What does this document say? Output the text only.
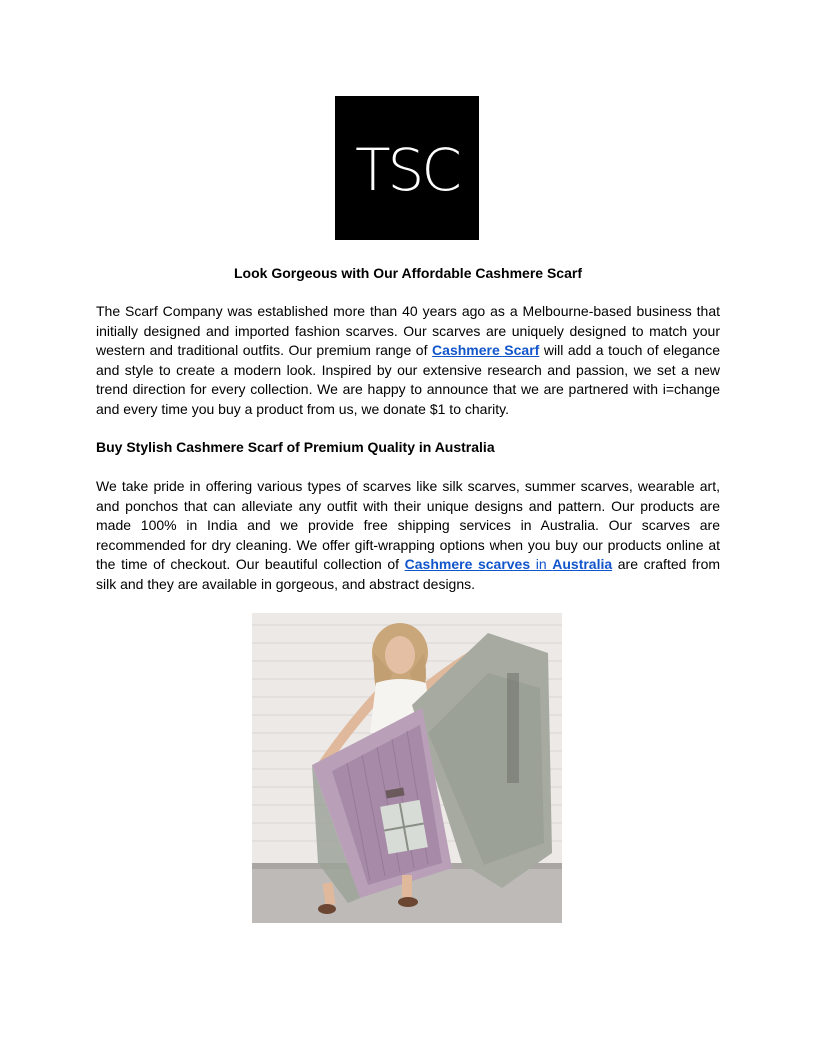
TSC
Look Gorgeous with Our Affordable Cashmere Scarf

The Scarf Company was established more than 40 years ago as a Melbourne-based business that initially designed and imported fashion scarves. Our scarves are uniquely designed to match your western and traditional outfits. Our premium range of Cashmere Scarf will add a touch of elegance and style to create a modern look. Inspired by our extensive research and passion, we set a new trend direction for every collection. We are happy to announce that we are partnered with i=change and every time you buy a product from us, we donate $1 to charity.

Buy Stylish Cashmere Scarf of Premium Quality in Australia

We take pride in offering various types of scarves like silk scarves, summer scarves, wearable art, and ponchos that can alleviate any outfit with their unique designs and pattern. Our products are made 100% in India and we provide free shipping services in Australia. Our scarves are recommended for dry cleaning. We offer gift-wrapping options when you buy our products online at the time of checkout. Our beautiful collection of Cashmere scarves in Australia are crafted from silk and they are available in gorgeous, and abstract designs.
